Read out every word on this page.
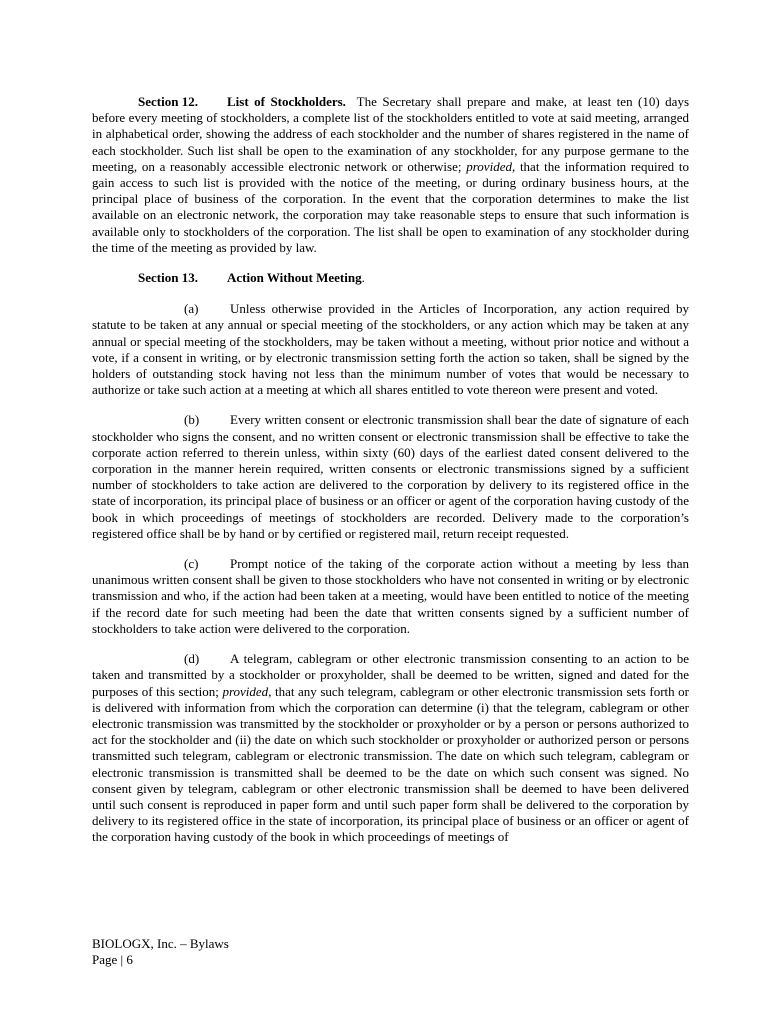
Section 12. List of Stockholders. The Secretary shall prepare and make, at least ten (10) days before every meeting of stockholders, a complete list of the stockholders entitled to vote at said meeting, arranged in alphabetical order, showing the address of each stockholder and the number of shares registered in the name of each stockholder. Such list shall be open to the examination of any stockholder, for any purpose germane to the meeting, on a reasonably accessible electronic network or otherwise; provided, that the information required to gain access to such list is provided with the notice of the meeting, or during ordinary business hours, at the principal place of business of the corporation. In the event that the corporation determines to make the list available on an electronic network, the corporation may take reasonable steps to ensure that such information is available only to stockholders of the corporation. The list shall be open to examination of any stockholder during the time of the meeting as provided by law.

Section 13. Action Without Meeting.

(a) Unless otherwise provided in the Articles of Incorporation, any action required by statute to be taken at any annual or special meeting of the stockholders, or any action which may be taken at any annual or special meeting of the stockholders, may be taken without a meeting, without prior notice and without a vote, if a consent in writing, or by electronic transmission setting forth the action so taken, shall be signed by the holders of outstanding stock having not less than the minimum number of votes that would be necessary to authorize or take such action at a meeting at which all shares entitled to vote thereon were present and voted.

(b) Every written consent or electronic transmission shall bear the date of signature of each stockholder who signs the consent, and no written consent or electronic transmission shall be effective to take the corporate action referred to therein unless, within sixty (60) days of the earliest dated consent delivered to the corporation in the manner herein required, written consents or electronic transmissions signed by a sufficient number of stockholders to take action are delivered to the corporation by delivery to its registered office in the state of incorporation, its principal place of business or an officer or agent of the corporation having custody of the book in which proceedings of meetings of stockholders are recorded. Delivery made to the corporation’s registered office shall be by hand or by certified or registered mail, return receipt requested.

(c) Prompt notice of the taking of the corporate action without a meeting by less than unanimous written consent shall be given to those stockholders who have not consented in writing or by electronic transmission and who, if the action had been taken at a meeting, would have been entitled to notice of the meeting if the record date for such meeting had been the date that written consents signed by a sufficient number of stockholders to take action were delivered to the corporation.

(d) A telegram, cablegram or other electronic transmission consenting to an action to be taken and transmitted by a stockholder or proxyholder, shall be deemed to be written, signed and dated for the purposes of this section; provided, that any such telegram, cablegram or other electronic transmission sets forth or is delivered with information from which the corporation can determine (i) that the telegram, cablegram or other electronic transmission was transmitted by the stockholder or proxyholder or by a person or persons authorized to act for the stockholder and (ii) the date on which such stockholder or proxyholder or authorized person or persons transmitted such telegram, cablegram or electronic transmission. The date on which such telegram, cablegram or electronic transmission is transmitted shall be deemed to be the date on which such consent was signed. No consent given by telegram, cablegram or other electronic transmission shall be deemed to have been delivered until such consent is reproduced in paper form and until such paper form shall be delivered to the corporation by delivery to its registered office in the state of incorporation, its principal place of business or an officer or agent of the corporation having custody of the book in which proceedings of meetings of

BIOLOGX, Inc. – Bylaws
Page | 6
